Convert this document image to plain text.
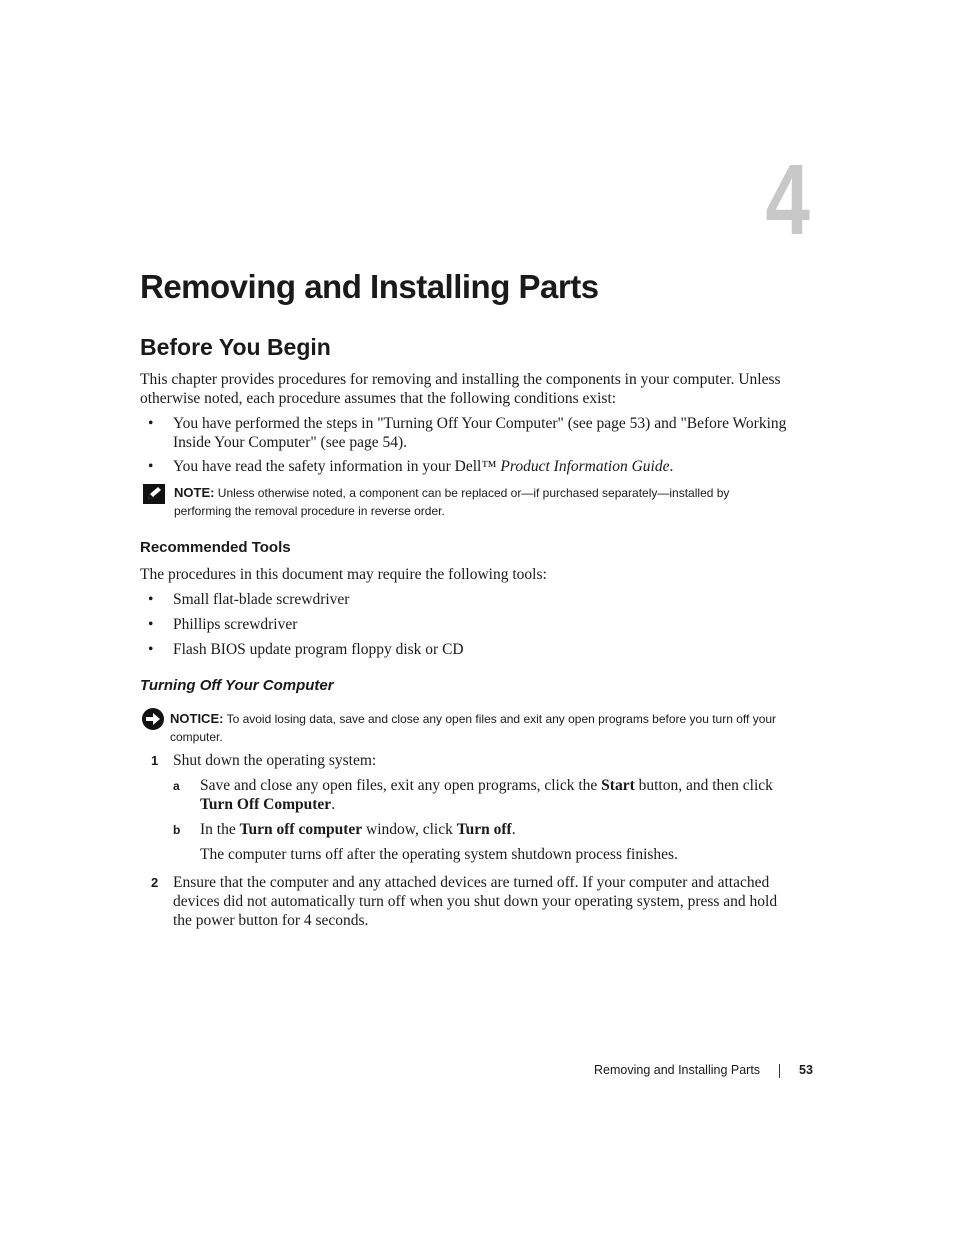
4
Removing and Installing Parts
Before You Begin
This chapter provides procedures for removing and installing the components in your computer. Unless otherwise noted, each procedure assumes that the following conditions exist:
•	You have performed the steps in "Turning Off Your Computer" (see page 53) and "Before Working Inside Your Computer" (see page 54).
•	You have read the safety information in your Dell™ Product Information Guide.
NOTE: Unless otherwise noted, a component can be replaced or—if purchased separately—installed by performing the removal procedure in reverse order.
Recommended Tools
The procedures in this document may require the following tools:
•	Small flat-blade screwdriver
•	Phillips screwdriver
•	Flash BIOS update program floppy disk or CD
Turning Off Your Computer
NOTICE: To avoid losing data, save and close any open files and exit any open programs before you turn off your computer.
1 Shut down the operating system:
a Save and close any open files, exit any open programs, click the Start button, and then click Turn Off Computer.
b In the Turn off computer window, click Turn off.
The computer turns off after the operating system shutdown process finishes.
2 Ensure that the computer and any attached devices are turned off. If your computer and attached devices did not automatically turn off when you shut down your operating system, press and hold the power button for 4 seconds.
Removing and Installing Parts	53
